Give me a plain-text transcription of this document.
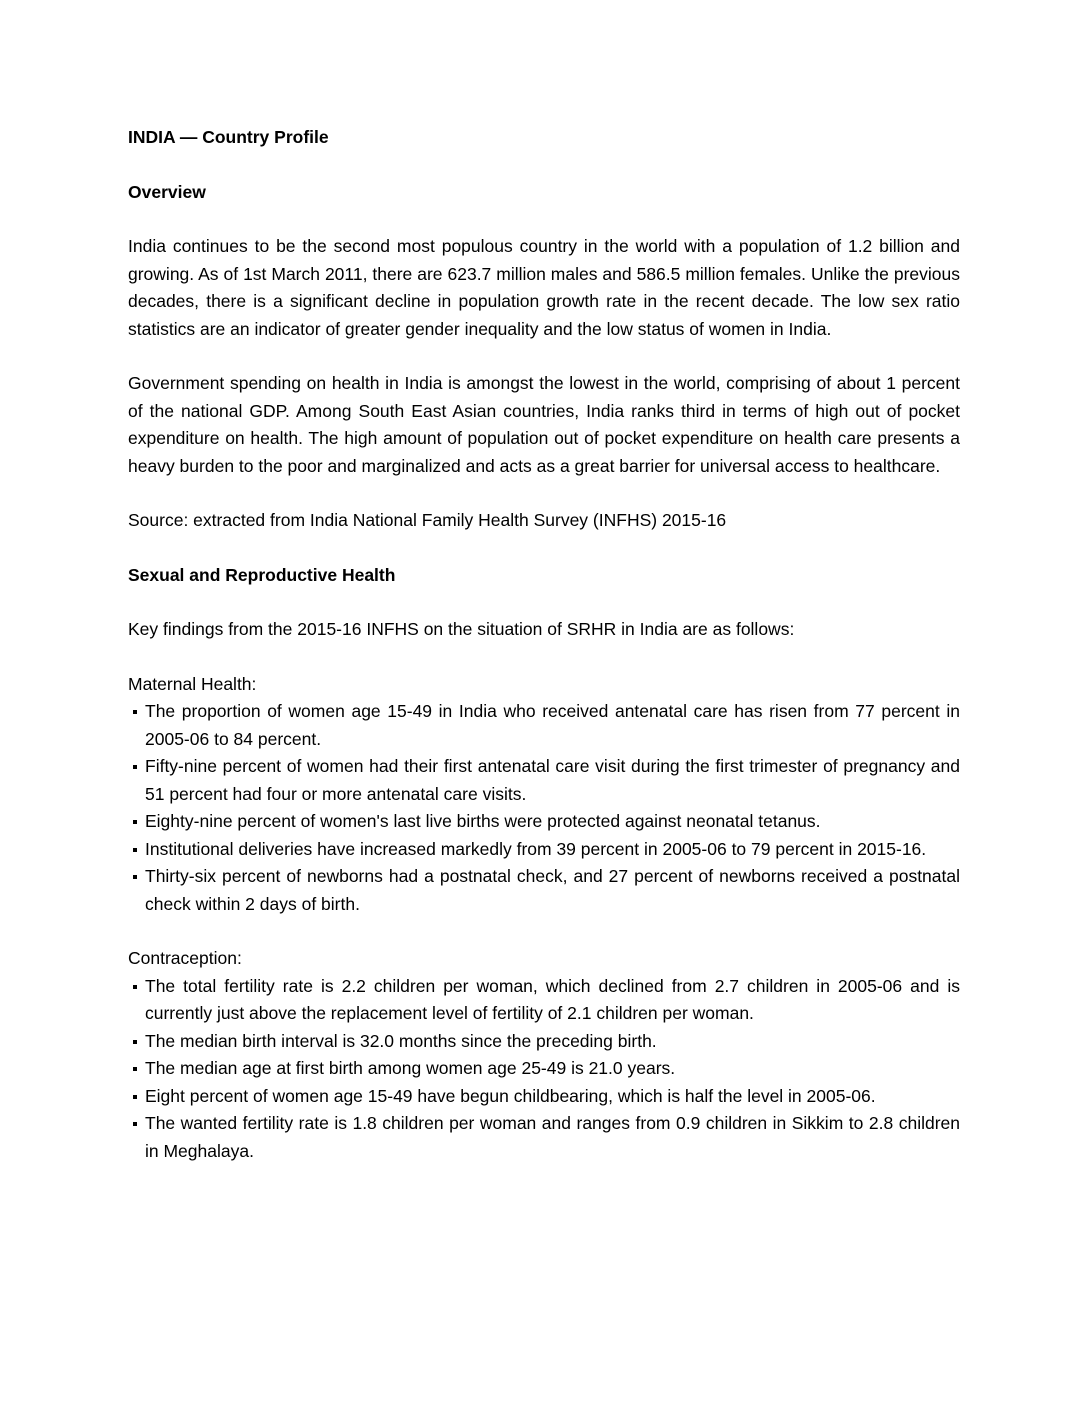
INDIA — Country Profile
Overview

India continues to be the second most populous country in the world with a population of 1.2 billion and growing. As of 1st March 2011, there are 623.7 million males and 586.5 million females. Unlike the previous decades, there is a significant decline in population growth rate in the recent decade. The low sex ratio statistics are an indicator of greater gender inequality and the low status of women in India.

Government spending on health in India is amongst the lowest in the world, comprising of about 1 percent of the national GDP. Among South East Asian countries, India ranks third in terms of high out of pocket expenditure on health. The high amount of population out of pocket expenditure on health care presents a heavy burden to the poor and marginalized and acts as a great barrier for universal access to healthcare.

Source: extracted from India National Family Health Survey (INFHS) 2015-16

Sexual and Reproductive Health

Key findings from the 2015-16 INFHS on the situation of SRHR in India are as follows:

Maternal Health:
The proportion of women age 15-49 in India who received antenatal care has risen from 77 percent in 2005-06 to 84 percent.
Fifty-nine percent of women had their first antenatal care visit during the first trimester of pregnancy and 51 percent had four or more antenatal care visits.
Eighty-nine percent of women's last live births were protected against neonatal tetanus.
Institutional deliveries have increased markedly from 39 percent in 2005-06 to 79 percent in 2015-16.
Thirty-six percent of newborns had a postnatal check, and 27 percent of newborns received a postnatal check within 2 days of birth.
Contraception:
The total fertility rate is 2.2 children per woman, which declined from 2.7 children in 2005-06 and is currently just above the replacement level of fertility of 2.1 children per woman.
The median birth interval is 32.0 months since the preceding birth.
The median age at first birth among women age 25-49 is 21.0 years.
Eight percent of women age 15-49 have begun childbearing, which is half the level in 2005-06.
The wanted fertility rate is 1.8 children per woman and ranges from 0.9 children in Sikkim to 2.8 children in Meghalaya.
